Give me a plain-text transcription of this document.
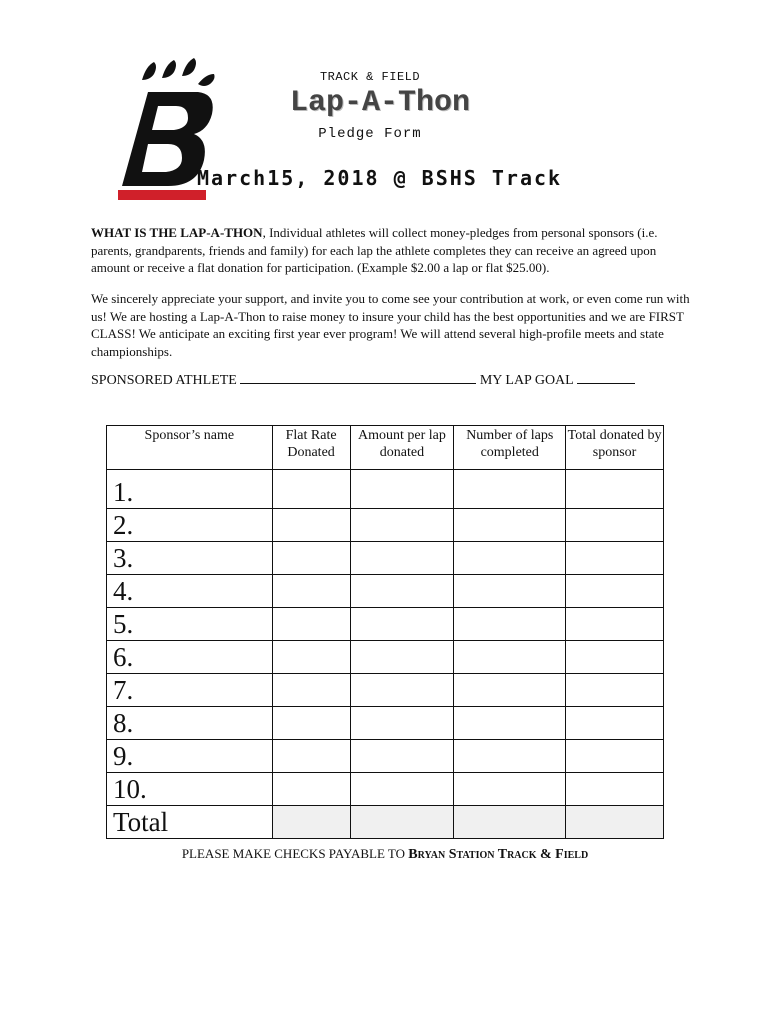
TRACK & FIELD
Lap-A-Thon
Pledge Form
March15, 2018 @ BSHS Track
WHAT IS THE LAP-A-THON, Individual athletes will collect money-pledges from personal sponsors (i.e. parents, grandparents, friends and family) for each lap the athlete completes they can receive an agreed upon amount or receive a flat donation for participation. (Example $2.00 a lap or flat $25.00).
We sincerely appreciate your support, and invite you to come see your contribution at work, or even come run with us! We are hosting a Lap-A-Thon to raise money to insure your child has the best opportunities and we are FIRST CLASS! We anticipate an exciting first year ever program! We will attend several high-profile meets and state championships.
SPONSORED ATHLETE	MY LAP GOAL
Sponsor’s name	Flat Rate Donated	Amount per lap donated	Number of laps completed	Total donated by sponsor
1.				
2.				
3.				
4.				
5.				
6.				
7.				
8.				
9.				
10.				
Total				
PLEASE MAKE CHECKS PAYABLE TO Bryan Station Track & Field
